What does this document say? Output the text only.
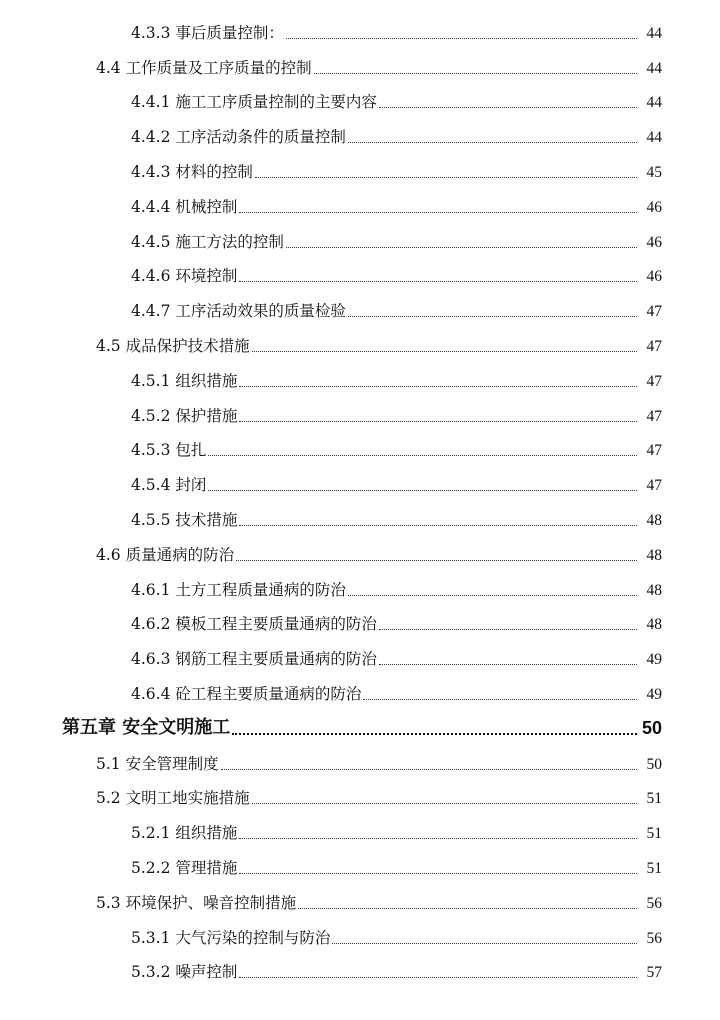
4.3.3 事后质量控制：	44
4.4 工作质量及工序质量的控制	44
4.4.1 施工工序质量控制的主要内容	44
4.4.2 工序活动条件的质量控制	44
4.4.3 材料的控制	45
4.4.4 机械控制	46
4.4.5 施工方法的控制	46
4.4.6 环境控制	46
4.4.7 工序活动效果的质量检验	47
4.5 成品保护技术措施	47
4.5.1 组织措施	47
4.5.2 保护措施	47
4.5.3 包扎	47
4.5.4 封闭	47
4.5.5 技术措施	48
4.6 质量通病的防治	48
4.6.1 土方工程质量通病的防治	48
4.6.2 模板工程主要质量通病的防治	48
4.6.3 钢筋工程主要质量通病的防治	49
4.6.4 砼工程主要质量通病的防治	49
第五章 安全文明施工	50
5.1 安全管理制度	50
5.2 文明工地实施措施	51
5.2.1 组织措施	51
5.2.2 管理措施	51
5.3 环境保护、噪音控制措施	56
5.3.1 大气污染的控制与防治	56
5.3.2 噪声控制	57
